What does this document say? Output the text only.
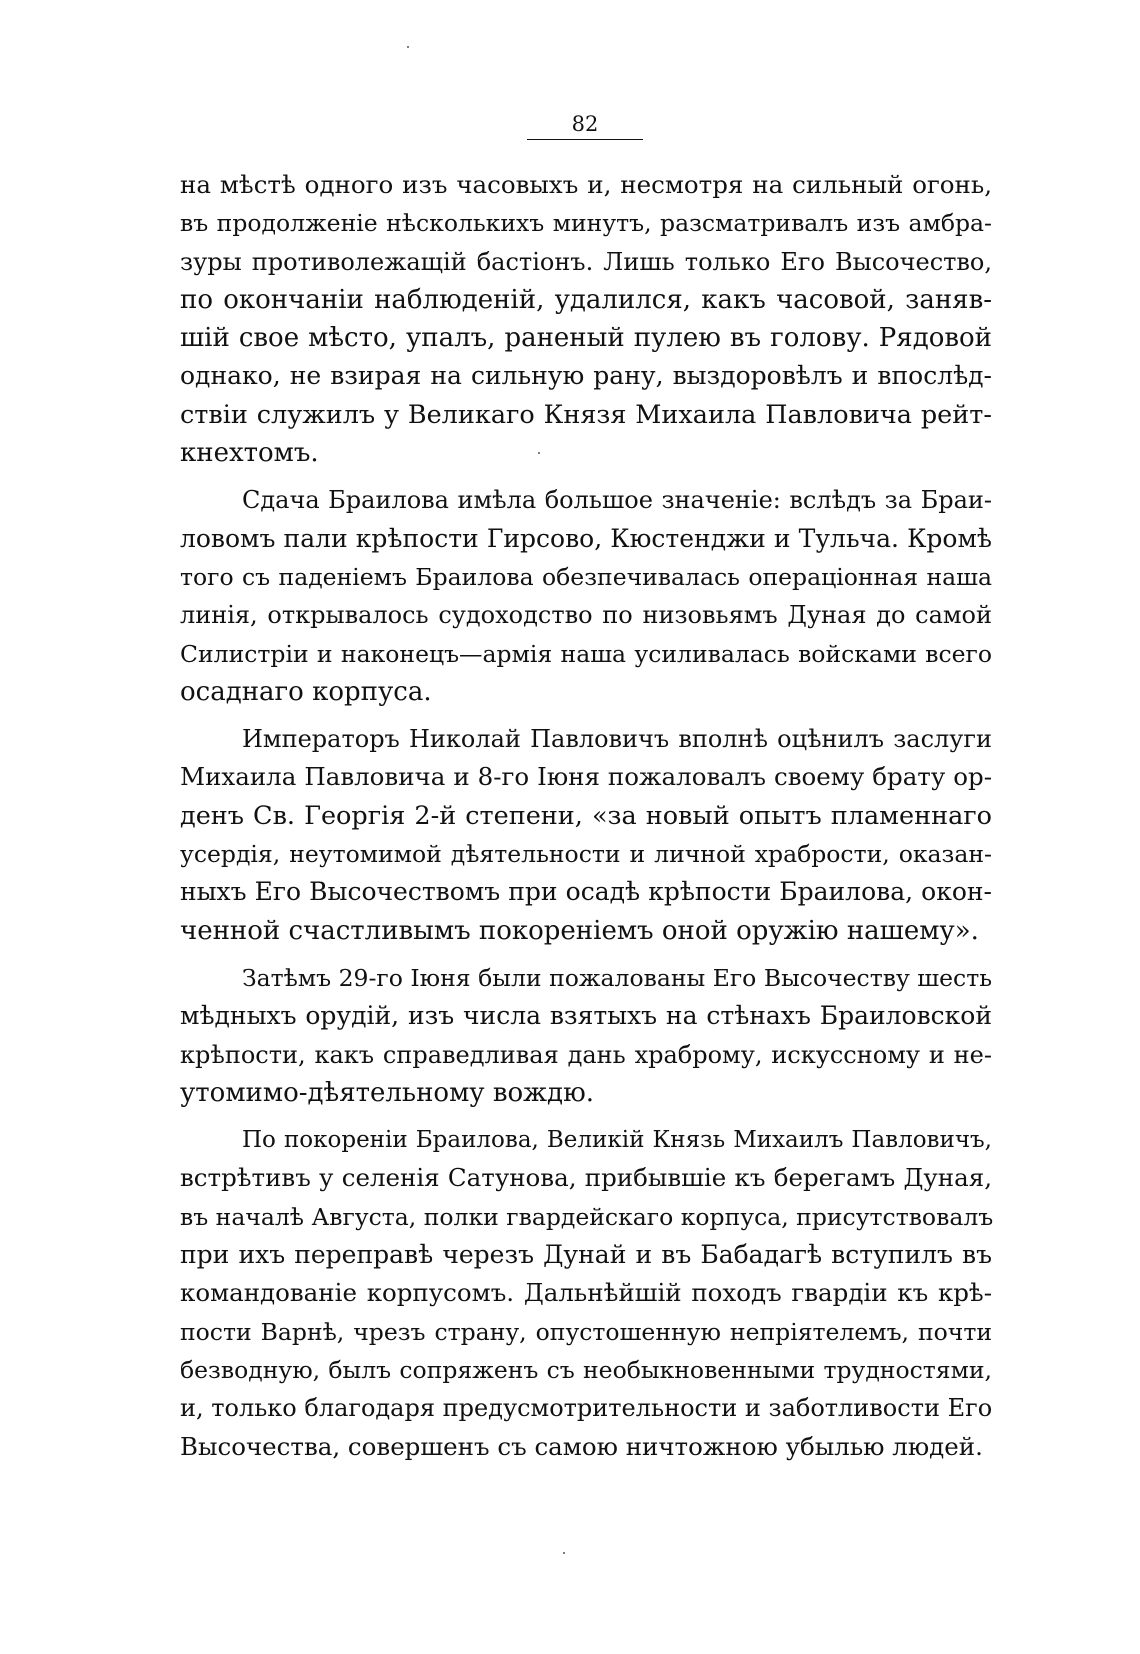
82
на мѣстѣ одного изъ часовыхъ и, несмотря на сильный огонь,
въ продолженіе нѣсколькихъ минутъ, разсматривалъ изъ амбра-
зуры противолежащій бастіонъ. Лишь только Его Высочество,
по окончаніи наблюденій, удалился, какъ часовой, заняв-
шій свое мѣсто, упалъ, раненый пулею въ голову. Рядовой
однако, не взирая на сильную рану, выздоровѣлъ и впослѣд-
ствіи служилъ у Великаго Князя Михаила Павловича рейт-
кнехтомъ.
Сдача Браилова имѣла большое значеніе: вслѣдъ за Браи-
ловомъ пали крѣпости Гирсово, Кюстенджи и Тульча. Кромѣ
того съ паденіемъ Браилова обезпечивалась операціонная наша
линія, открывалось судоходство по низовьямъ Дуная до самой
Силистріи и наконецъ—армія наша усиливалась войсками всего
осаднаго корпуса.
Императоръ Николай Павловичъ вполнѣ оцѣнилъ заслуги
Михаила Павловича и 8-го Іюня пожаловалъ своему брату ор-
денъ Св. Георгія 2-й степени, «за новый опытъ пламеннаго
усердія, неутомимой дѣятельности и личной храбрости, оказан-
ныхъ Его Высочествомъ при осадѣ крѣпости Браилова, окон-
ченной счастливымъ покореніемъ оной оружію нашему».
Затѣмъ 29-го Іюня были пожалованы Его Высочеству шесть
мѣдныхъ орудій, изъ числа взятыхъ на стѣнахъ Браиловской
крѣпости, какъ справедливая дань храброму, искуссному и не-
утомимо-дѣятельному вождю.
По покореніи Браилова, Великій Князь Михаилъ Павловичъ,
встрѣтивъ у селенія Сатунова, прибывшіе къ берегамъ Дуная,
въ началѣ Августа, полки гвардейскаго корпуса, присутствовалъ
при ихъ переправѣ черезъ Дунай и въ Бабадагѣ вступилъ въ
командованіе корпусомъ. Дальнѣйшій походъ гвардіи къ крѣ-
пости Варнѣ, чрезъ страну, опустошенную непріятелемъ, почти
безводную, былъ сопряженъ съ необыкновенными трудностями,
и, только благодаря предусмотрительности и заботливости Его
Высочества, совершенъ съ самою ничтожною убылью людей.
